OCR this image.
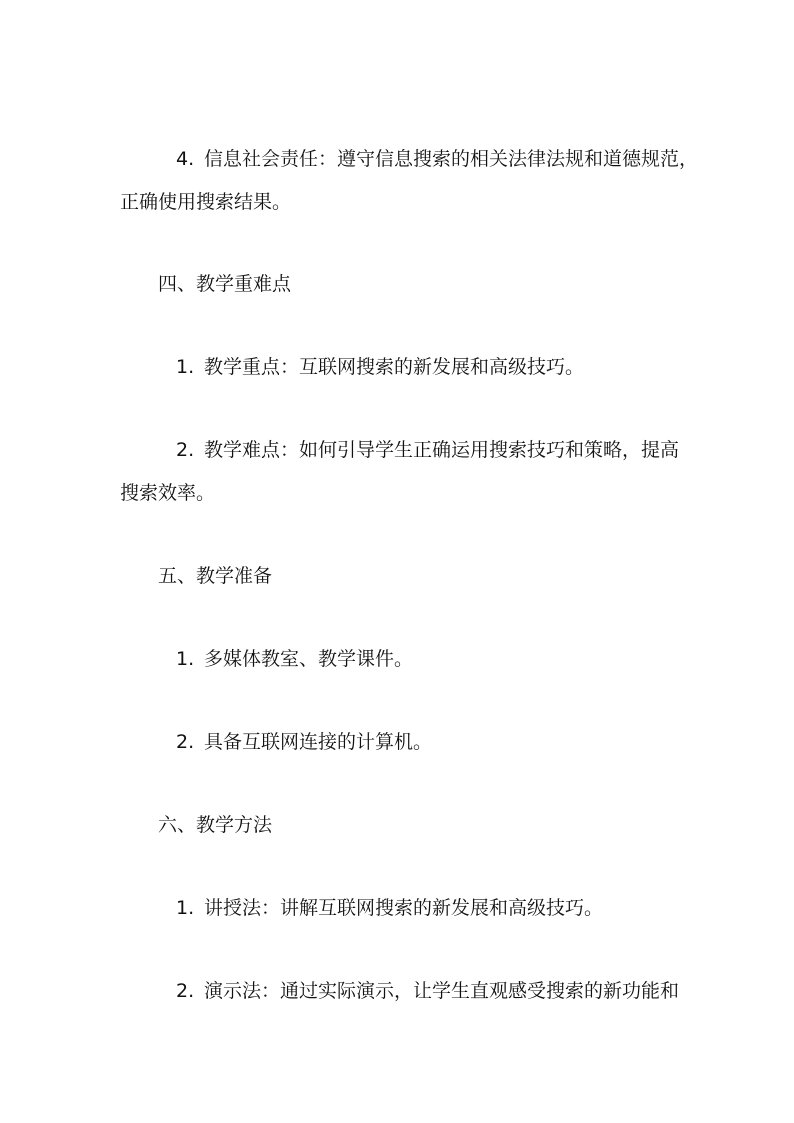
4. 信息社会责任：遵守信息搜索的相关法律法规和道德规范，
正确使用搜索结果。
四、教学重难点
1. 教学重点：互联网搜索的新发展和高级技巧。
2. 教学难点：如何引导学生正确运用搜索技巧和策略，提高
搜索效率。
五、教学准备
1. 多媒体教室、教学课件。
2. 具备互联网连接的计算机。
六、教学方法
1. 讲授法：讲解互联网搜索的新发展和高级技巧。
2. 演示法：通过实际演示，让学生直观感受搜索的新功能和
